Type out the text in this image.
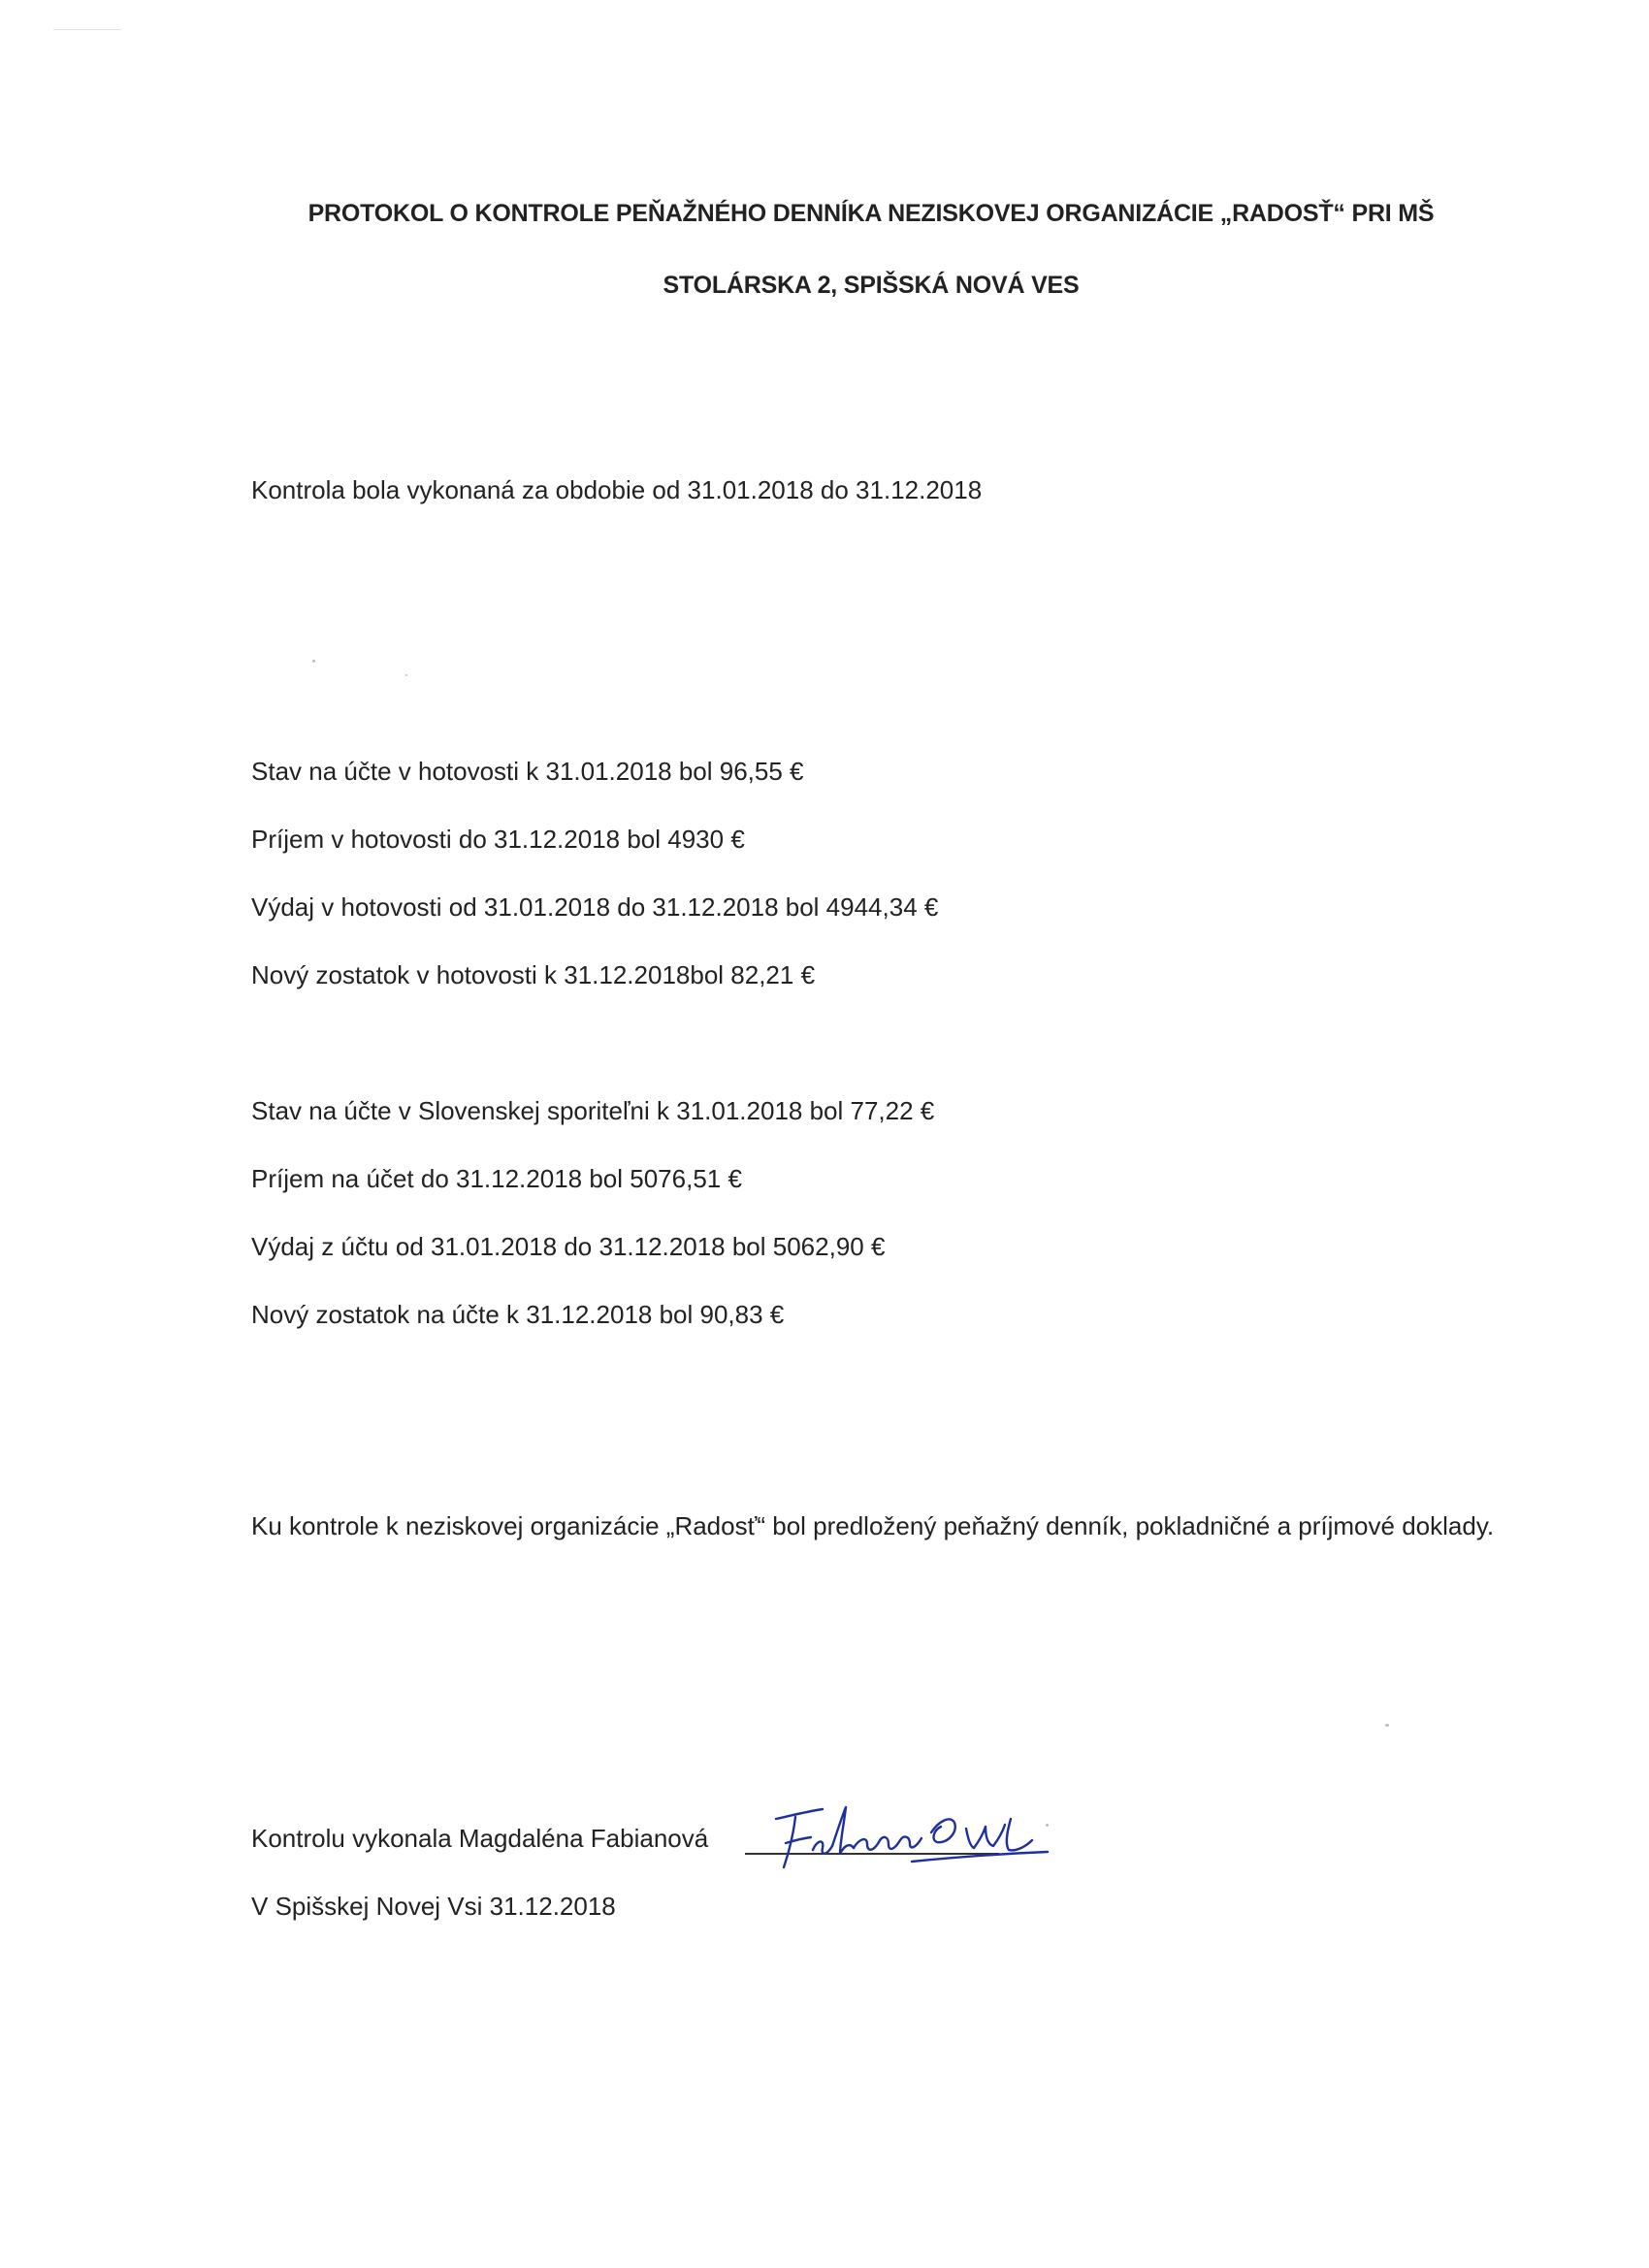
PROTOKOL O KONTROLE PEŇAŽNÉHO DENNÍKA NEZISKOVEJ ORGANIZÁCIE „RADOSŤ“ PRI MŠ
STOLÁRSKA 2, SPIŠSKÁ NOVÁ VES
Kontrola bola vykonaná za obdobie od 31.01.2018 do 31.12.2018
Stav na účte v hotovosti k 31.01.2018 bol 96,55 €
Príjem v hotovosti do 31.12.2018 bol 4930 €
Výdaj v hotovosti od 31.01.2018 do 31.12.2018 bol 4944,34 €
Nový zostatok v hotovosti k 31.12.2018bol 82,21 €
Stav na účte v Slovenskej sporiteľni k 31.01.2018 bol 77,22 €
Príjem na účet do 31.12.2018 bol 5076,51 €
Výdaj z účtu od 31.01.2018 do 31.12.2018 bol 5062,90 €
Nový zostatok na účte k 31.12.2018 bol 90,83 €
Ku kontrole k neziskovej organizácie „Radosť“ bol predložený peňažný denník, pokladničné a príjmové doklady.
Kontrolu vykonala Magdaléna Fabianová
V Spišskej Novej Vsi 31.12.2018
